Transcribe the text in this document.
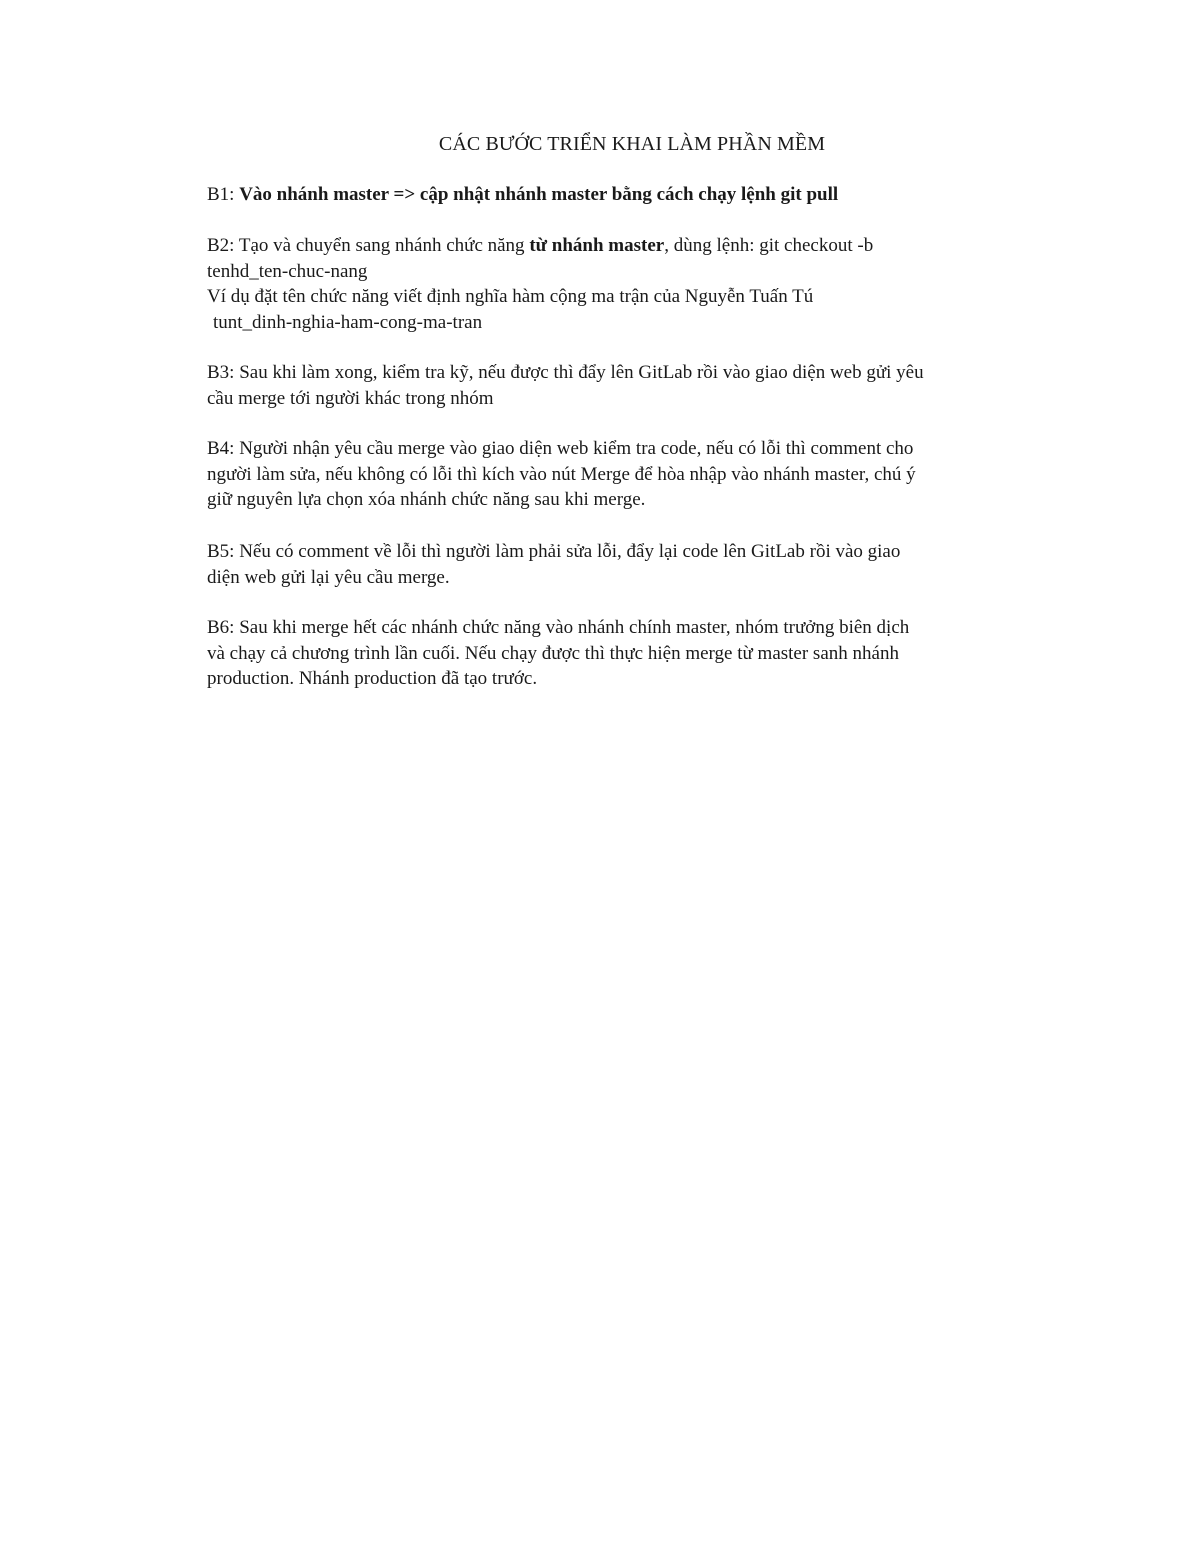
CÁC BƯỚC TRIỂN KHAI LÀM PHẦN MỀM

B1: Vào nhánh master => cập nhật nhánh master bằng cách chạy lệnh git pull

B2: Tạo và chuyển sang nhánh chức năng từ nhánh master, dùng lệnh: git checkout -b
tenhd_ten-chuc-nang
Ví dụ đặt tên chức năng viết định nghĩa hàm cộng ma trận của Nguyễn Tuấn Tú
tunt_dinh-nghia-ham-cong-ma-tran

B3: Sau khi làm xong, kiểm tra kỹ, nếu được thì đẩy lên GitLab rồi vào giao diện web gửi yêu
cầu merge tới người khác trong nhóm

B4: Người nhận yêu cầu merge vào giao diện web kiểm tra code, nếu có lỗi thì comment cho
người làm sửa, nếu không có lỗi thì kích vào nút Merge để hòa nhập vào nhánh master, chú ý
giữ nguyên lựa chọn xóa nhánh chức năng sau khi merge.

B5: Nếu có comment về lỗi thì người làm phải sửa lỗi, đẩy lại code lên GitLab rồi vào giao
diện web gửi lại yêu cầu merge.

B6: Sau khi merge hết các nhánh chức năng vào nhánh chính master, nhóm trưởng biên dịch
và chạy cả chương trình lần cuối. Nếu chạy được thì thực hiện merge từ master sanh nhánh
production. Nhánh production đã tạo trước.
